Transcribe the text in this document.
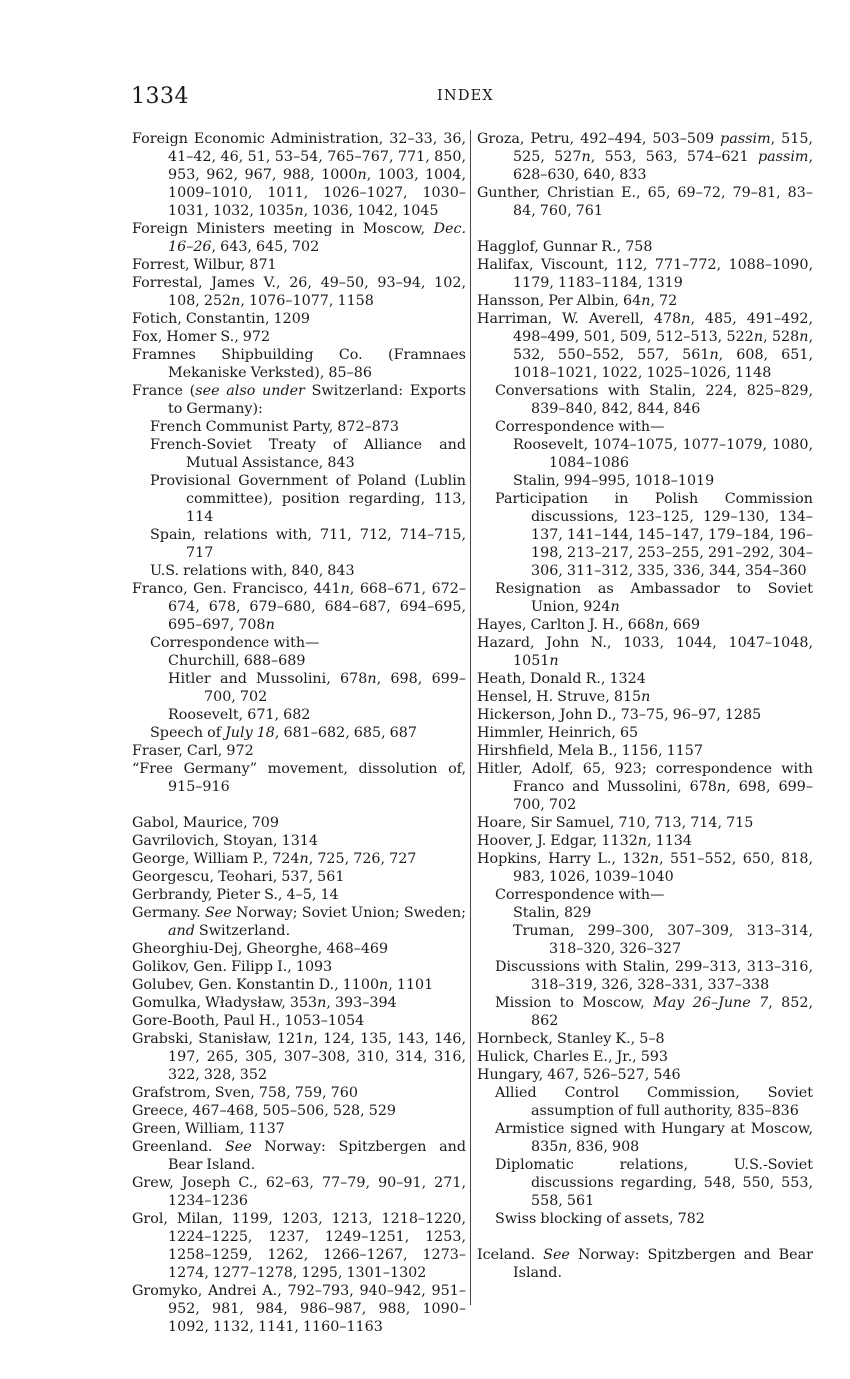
1334	INDEX
Foreign Economic Administration, 32–33, 36, 41–42, 46, 51, 53–54, 765–767, 771, 850, 953, 962, 967, 988, 1000n, 1003, 1004, 1009–1010, 1011, 1026–1027, 1030–1031, 1032, 1035n, 1036, 1042, 1045
Foreign Ministers meeting in Moscow, Dec. 16–26, 643, 645, 702
Forrest, Wilbur, 871
Forrestal, James V., 26, 49–50, 93–94, 102, 108, 252n, 1076–1077, 1158
Fotich, Constantin, 1209
Fox, Homer S., 972
Framnes Shipbuilding Co. (Framnaes Mekaniske Verksted), 85–86
France (see also under Switzerland: Exports to Germany):
French Communist Party, 872–873
French-Soviet Treaty of Alliance and Mutual Assistance, 843
Provisional Government of Poland (Lublin committee), position regarding, 113, 114
Spain, relations with, 711, 712, 714–715, 717
U.S. relations with, 840, 843
Franco, Gen. Francisco, 441n, 668–671, 672–674, 678, 679–680, 684–687, 694–695, 695–697, 708n
Correspondence with—
Churchill, 688–689
Hitler and Mussolini, 678n, 698, 699–700, 702
Roosevelt, 671, 682
Speech of July 18, 681–682, 685, 687
Fraser, Carl, 972
“Free Germany” movement, dissolution of, 915–916
Gabol, Maurice, 709
Gavrilovich, Stoyan, 1314
George, William P., 724n, 725, 726, 727
Georgescu, Teohari, 537, 561
Gerbrandy, Pieter S., 4–5, 14
Germany. See Norway; Soviet Union; Sweden; and Switzerland.
Gheorghiu-Dej, Gheorghe, 468–469
Golikov, Gen. Filipp I., 1093
Golubev, Gen. Konstantin D., 1100n, 1101
Gomulka, Władysław, 353n, 393–394
Gore-Booth, Paul H., 1053–1054
Grabski, Stanisław, 121n, 124, 135, 143, 146, 197, 265, 305, 307–308, 310, 314, 316, 322, 328, 352
Grafstrom, Sven, 758, 759, 760
Greece, 467–468, 505–506, 528, 529
Green, William, 1137
Greenland. See Norway: Spitzbergen and Bear Island.
Grew, Joseph C., 62–63, 77–79, 90–91, 271, 1234–1236
Grol, Milan, 1199, 1203, 1213, 1218–1220, 1224–1225, 1237, 1249–1251, 1253, 1258–1259, 1262, 1266–1267, 1273–1274, 1277–1278, 1295, 1301–1302
Gromyko, Andrei A., 792–793, 940–942, 951–952, 981, 984, 986–987, 988, 1090–1092, 1132, 1141, 1160–1163
Groza, Petru, 492–494, 503–509 passim, 515, 525, 527n, 553, 563, 574–621 passim, 628–630, 640, 833
Gunther, Christian E., 65, 69–72, 79–81, 83–84, 760, 761
Hagglof, Gunnar R., 758
Halifax, Viscount, 112, 771–772, 1088–1090, 1179, 1183–1184, 1319
Hansson, Per Albin, 64n, 72
Harriman, W. Averell, 478n, 485, 491–492, 498–499, 501, 509, 512–513, 522n, 528n, 532, 550–552, 557, 561n, 608, 651, 1018–1021, 1022, 1025–1026, 1148
Conversations with Stalin, 224, 825–829, 839–840, 842, 844, 846
Correspondence with—
Roosevelt, 1074–1075, 1077–1079, 1080, 1084–1086
Stalin, 994–995, 1018–1019
Participation in Polish Commission discussions, 123–125, 129–130, 134–137, 141–144, 145–147, 179–184, 196–198, 213–217, 253–255, 291–292, 304–306, 311–312, 335, 336, 344, 354–360
Resignation as Ambassador to Soviet Union, 924n
Hayes, Carlton J. H., 668n, 669
Hazard, John N., 1033, 1044, 1047–1048, 1051n
Heath, Donald R., 1324
Hensel, H. Struve, 815n
Hickerson, John D., 73–75, 96–97, 1285
Himmler, Heinrich, 65
Hirshfield, Mela B., 1156, 1157
Hitler, Adolf, 65, 923; correspondence with Franco and Mussolini, 678n, 698, 699–700, 702
Hoare, Sir Samuel, 710, 713, 714, 715
Hoover, J. Edgar, 1132n, 1134
Hopkins, Harry L., 132n, 551–552, 650, 818, 983, 1026, 1039–1040
Correspondence with—
Stalin, 829
Truman, 299–300, 307–309, 313–314, 318–320, 326–327
Discussions with Stalin, 299–313, 313–316, 318–319, 326, 328–331, 337–338
Mission to Moscow, May 26–June 7, 852, 862
Hornbeck, Stanley K., 5–8
Hulick, Charles E., Jr., 593
Hungary, 467, 526–527, 546
Allied Control Commission, Soviet assumption of full authority, 835–836
Armistice signed with Hungary at Moscow, 835n, 836, 908
Diplomatic relations, U.S.-Soviet discussions regarding, 548, 550, 553, 558, 561
Swiss blocking of assets, 782
Iceland. See Norway: Spitzbergen and Bear Island.
